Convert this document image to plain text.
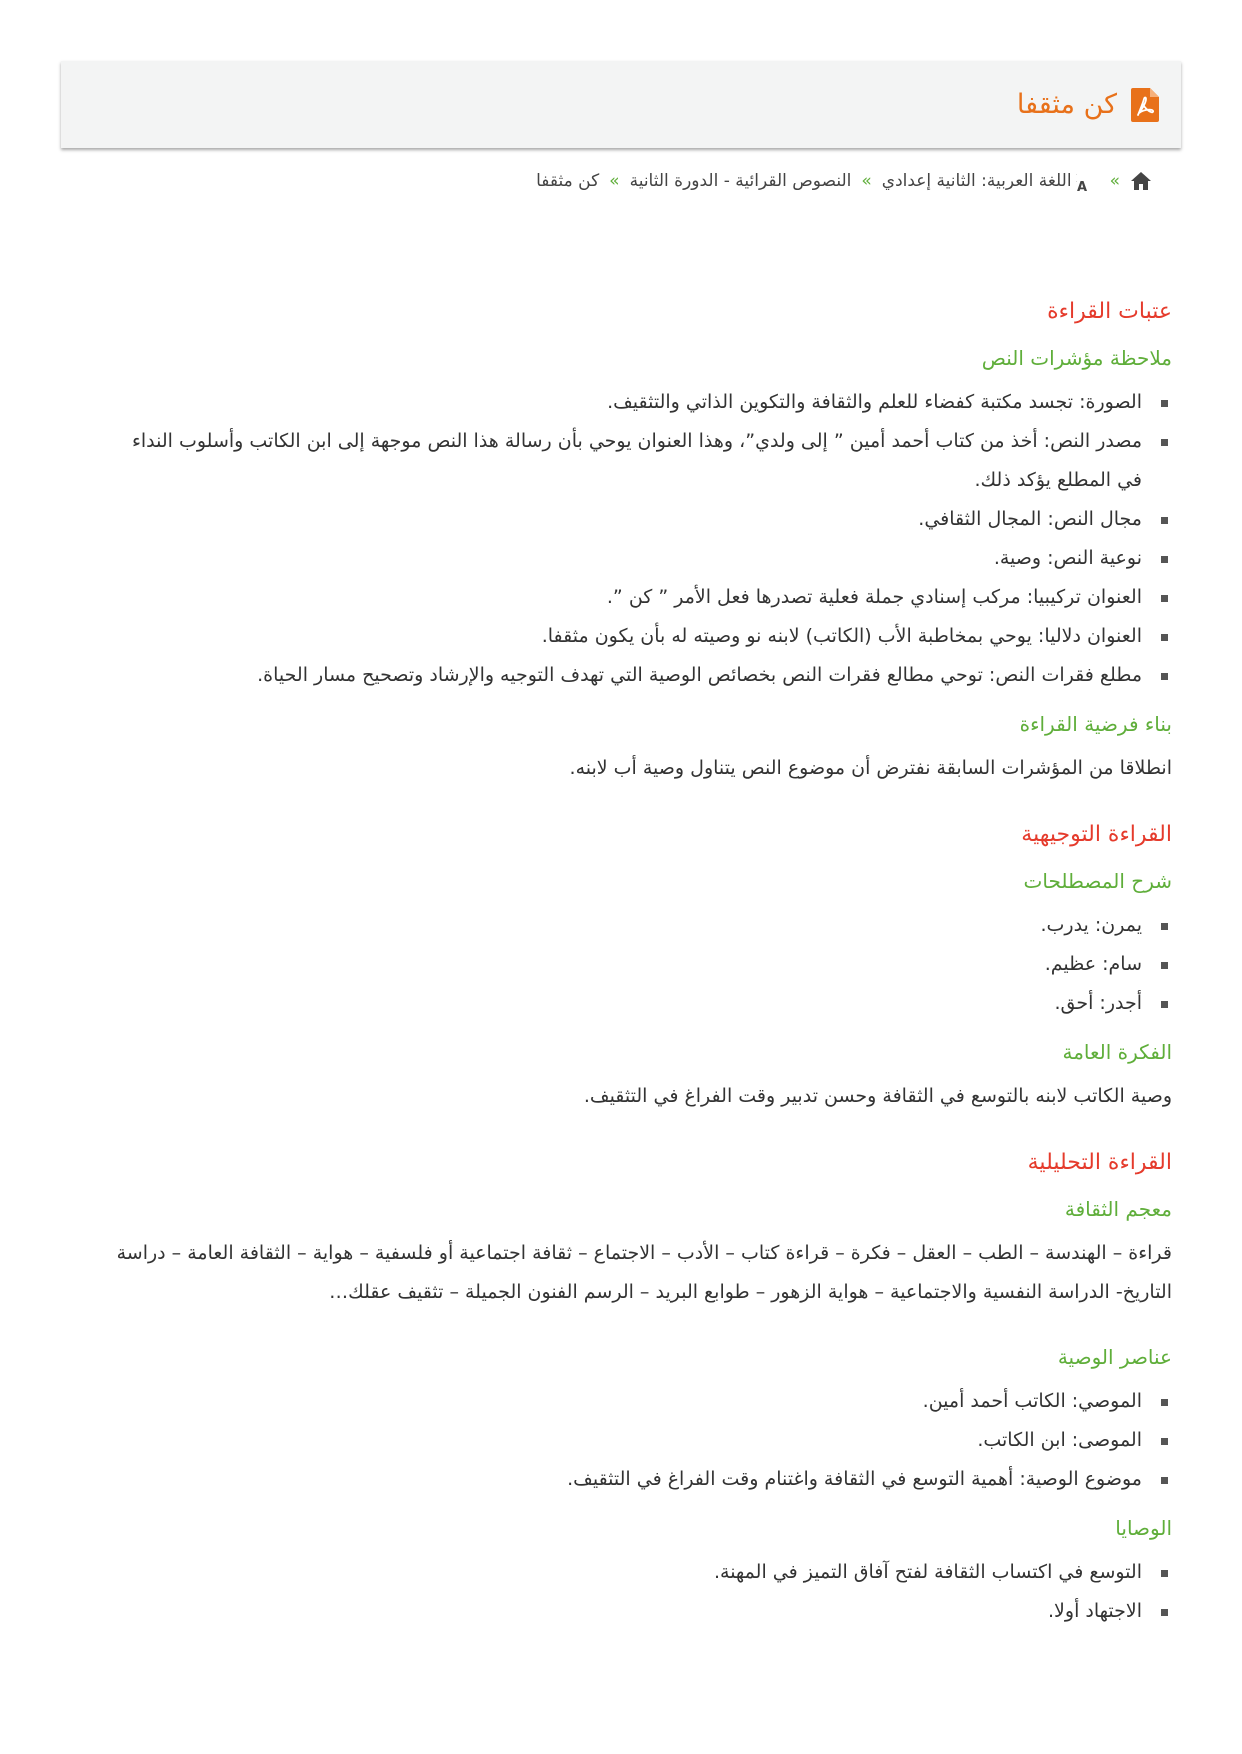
كن مثقفا
»
A
اللغة العربية: الثانية إعدادي
»
النصوص القرائية - الدورة الثانية
»
كن مثقفا
عتبات القراءة
ملاحظة مؤشرات النص
الصورة: تجسد مكتبة كفضاء للعلم والثقافة والتكوين الذاتي والتثقيف.
مصدر النص: أخذ من كتاب أحمد أمين ” إلى ولدي”، وهذا العنوان يوحي بأن رسالة هذا النص موجهة إلى ابن الكاتب وأسلوب النداء في المطلع يؤكد ذلك.
مجال النص: المجال الثقافي.
نوعية النص: وصية.
العنوان تركيبيا: مركب إسنادي جملة فعلية تصدرها فعل الأمر ” كن ”.
العنوان دلاليا: يوحي بمخاطبة الأب (الكاتب) لابنه نو وصيته له بأن يكون مثقفا.
مطلع فقرات النص: توحي مطالع فقرات النص بخصائص الوصية التي تهدف التوجيه والإرشاد وتصحيح مسار الحياة.
بناء فرضية القراءة

انطلاقا من المؤشرات السابقة نفترض أن موضوع النص يتناول وصية أب لابنه.

القراءة التوجيهية
شرح المصطلحات
يمرن: يدرب.
سام: عظيم.
أجدر: أحق.
الفكرة العامة

وصية الكاتب لابنه بالتوسع في الثقافة وحسن تدبير وقت الفراغ في التثقيف.

القراءة التحليلية
معجم الثقافة

قراءة – الهندسة – الطب – العقل – فكرة – قراءة كتاب – الأدب – الاجتماع – ثقافة اجتماعية أو فلسفية – هواية – الثقافة العامة – دراسة التاريخ- الدراسة النفسية والاجتماعية – هواية الزهور – طوابع البريد – الرسم الفنون الجميلة – تثقيف عقلك…

عناصر الوصية
الموصي: الكاتب أحمد أمين.
الموصى: ابن الكاتب.
موضوع الوصية: أهمية التوسع في الثقافة واغتنام وقت الفراغ في التثقيف.
الوصايا
التوسع في اكتساب الثقافة لفتح آفاق التميز في المهنة.
الاجتهاد أولا.
